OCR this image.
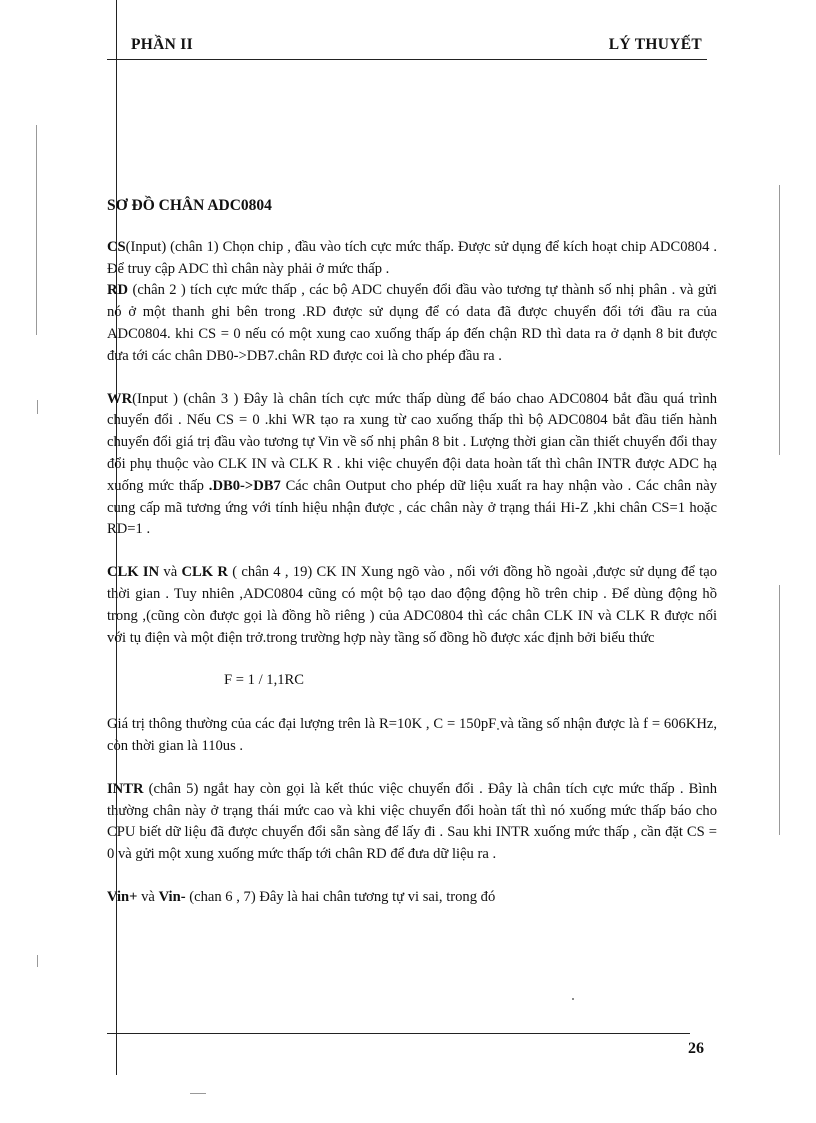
PHẦN II	LÝ THUYẾT

SƠ ĐỒ CHÂN ADC0804

CS(Input) (chân 1) Chọn chip , đầu vào tích cực mức thấp. Được sử dụng để kích hoạt chip ADC0804 . Để truy cập ADC thì chân này phải ở mức thấp .

RD (chân 2 ) tích cực mức thấp , các bộ ADC chuyển đổi đầu vào tương tự thành số nhị phân . và gửi nó ở một thanh ghi bên trong .RD được sử dụng để có data đã được chuyển đổi tới đầu ra của ADC0804. khi CS = 0 nếu có một xung cao xuống thấp áp đến chận RD thì data ra ở dạnh 8 bit được đưa tới các chân DB0->DB7.chân RD được coi là cho phép đầu ra .

WR(Input ) (chân 3 ) Đây là chân tích cực mức thấp dùng để báo chao ADC0804 bắt đầu quá trình chuyển đổi . Nếu CS = 0 .khi WR tạo ra xung từ cao xuống thấp thì bộ ADC0804 bắt đầu tiến hành chuyển đổi giá trị đầu vào tương tự Vin về số nhị phân 8 bit . Lượng thời gian cần thiết chuyển đổi thay đổi phụ thuộc vào CLK IN và CLK R . khi việc chuyển đội data hoàn tất thì chân INTR được ADC hạ xuống mức thấp .DB0->DB7 Các chân Output cho phép dữ liệu xuất ra hay nhận vào . Các chân này cung cấp mã tương ứng với tính hiệu nhận được , các chân này ở trạng thái Hi-Z ,khi chân CS=1 hoặc RD=1 .

CLK IN và CLK R ( chân 4 , 19) CK IN Xung ngõ vào , nối với đồng hồ ngoài ,được sử dụng để tạo thời gian . Tuy nhiên ,ADC0804 cũng có một bộ tạo dao động động hồ trên chip . Để dùng động hồ trong ,(cũng còn được gọi là đồng hồ riêng ) của ADC0804 thì các chân CLK IN và CLK R được nối với tụ điện và một điện trở.trong trường hợp này tầng số đồng hồ được xác định bởi biểu thức

F = 1 / 1,1RC

Giá trị thông thường của các đại lượng trên là R=10K , C = 150pF và tầng số nhận được là f = 606KHz, còn thời gian là 110us .

INTR (chân 5) ngắt hay còn gọi là kết thúc việc chuyển đổi . Đây là chân tích cực mức thấp . Bình thường chân này ở trạng thái mức cao và khi việc chuyển đổi hoàn tất thì nó xuống mức thấp báo cho CPU biết dữ liệu đã được chuyển đổi sẵn sàng để lấy đi . Sau khi INTR xuống mức thấp , cần đặt CS = 0 và gửi một xung xuống mức thấp tới chân RD để đưa dữ liệu ra .

Vin+ và Vin- (chan 6 , 7) Đây là hai chân tương tự vi sai, trong đó

26
